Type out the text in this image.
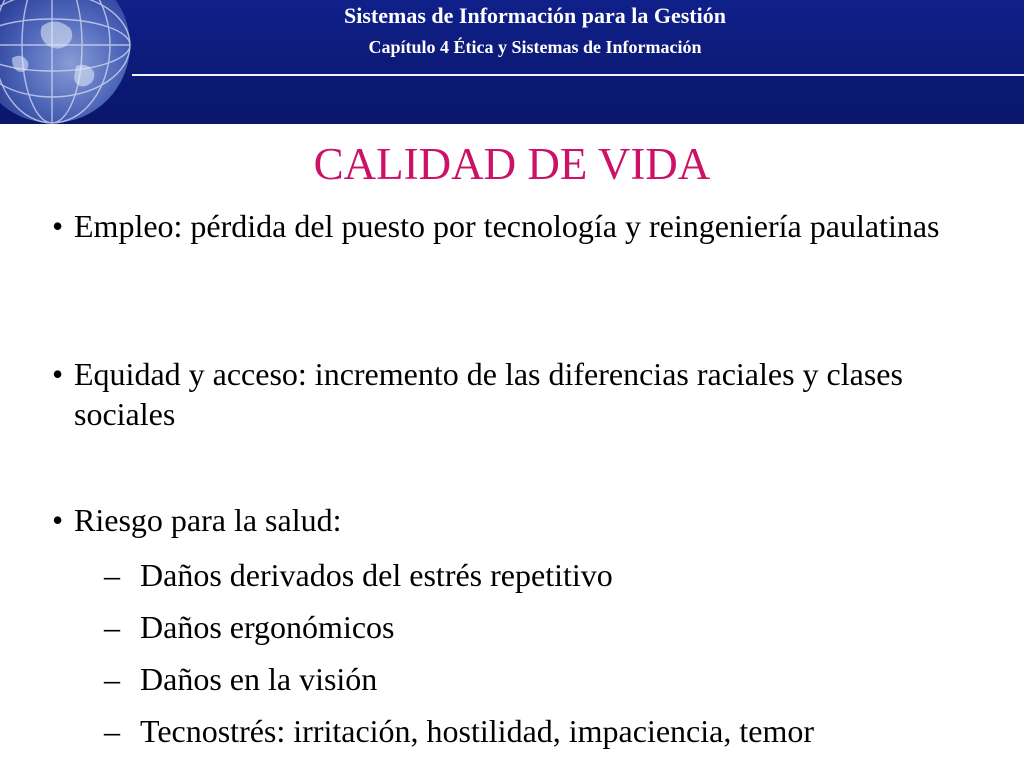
Sistemas de Información para la Gestión
Capítulo 4 Ética y Sistemas de Información
CALIDAD DE VIDA
• Empleo: pérdida del puesto por tecnología y reingeniería paulatinas
• Equidad y acceso: incremento de las diferencias raciales y clases sociales
• Riesgo para la salud:
– Daños derivados del estrés repetitivo
– Daños ergonómicos
– Daños en la visión
– Tecnostrés: irritación, hostilidad, impaciencia, temor
